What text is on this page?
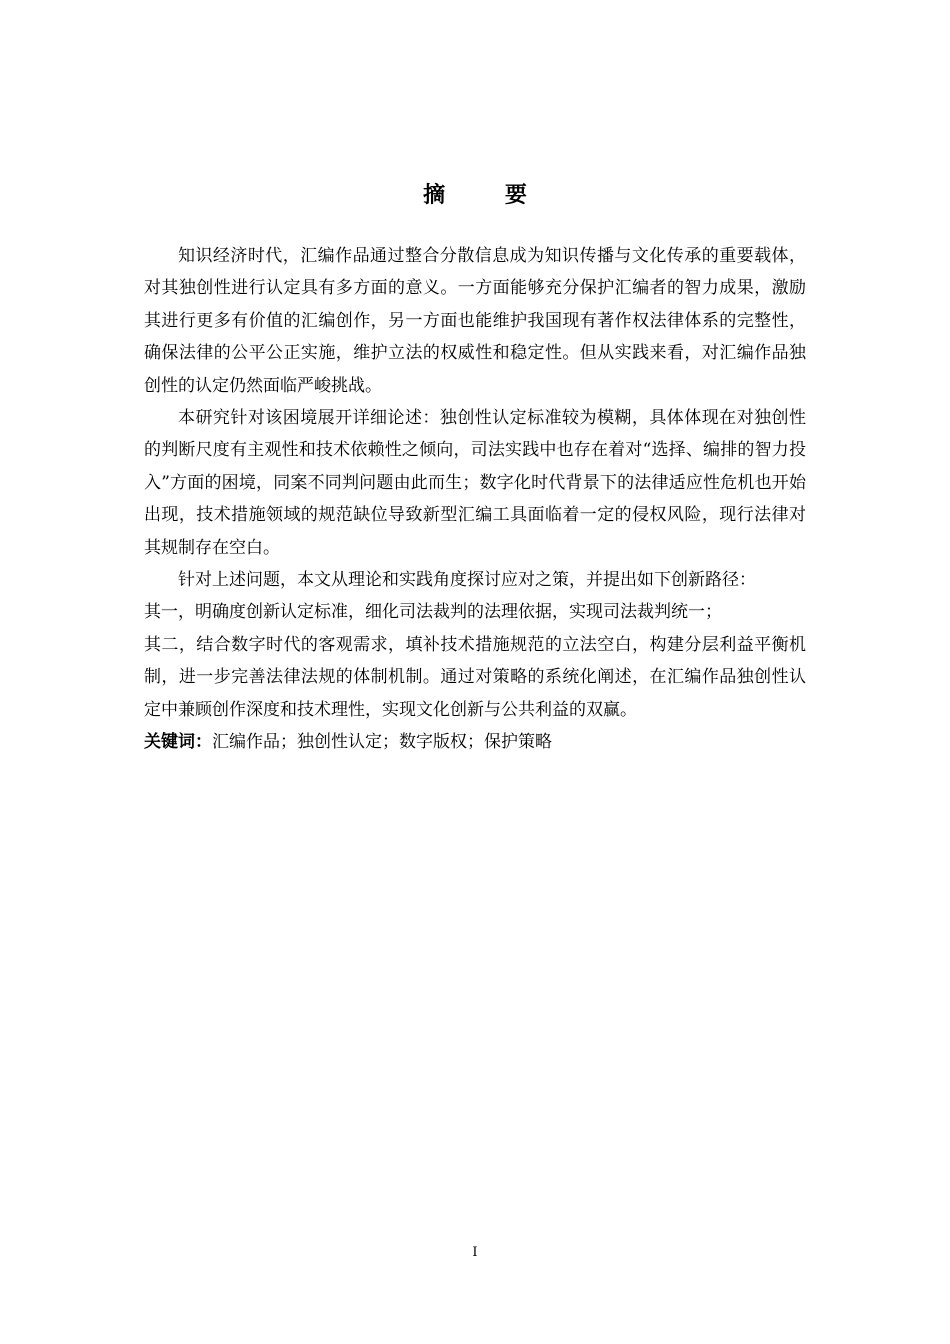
摘 要

知识经济时代，汇编作品通过整合分散信息成为知识传播与文化传承的重要载体，对其独创性进行认定具有多方面的意义。一方面能够充分保护汇编者的智力成果，激励其进行更多有价值的汇编创作，另一方面也能维护我国现有著作权法律体系的完整性，确保法律的公平公正实施，维护立法的权威性和稳定性。但从实践来看，对汇编作品独创性的认定仍然面临严峻挑战。

本研究针对该困境展开详细论述：独创性认定标准较为模糊，具体体现在对独创性的判断尺度有主观性和技术依赖性之倾向，司法实践中也存在着对“选择、编排的智力投入”方面的困境，同案不同判问题由此而生；数字化时代背景下的法律适应性危机也开始出现，技术措施领域的规范缺位导致新型汇编工具面临着一定的侵权风险，现行法律对其规制存在空白。

针对上述问题，本文从理论和实践角度探讨应对之策，并提出如下创新路径：

其一，明确度创新认定标准，细化司法裁判的法理依据，实现司法裁判统一；

其二，结合数字时代的客观需求，填补技术措施规范的立法空白，构建分层利益平衡机制，进一步完善法律法规的体制机制。通过对策略的系统化阐述，在汇编作品独创性认定中兼顾创作深度和技术理性，实现文化创新与公共利益的双赢。

关键词：汇编作品；独创性认定；数字版权；保护策略

I
